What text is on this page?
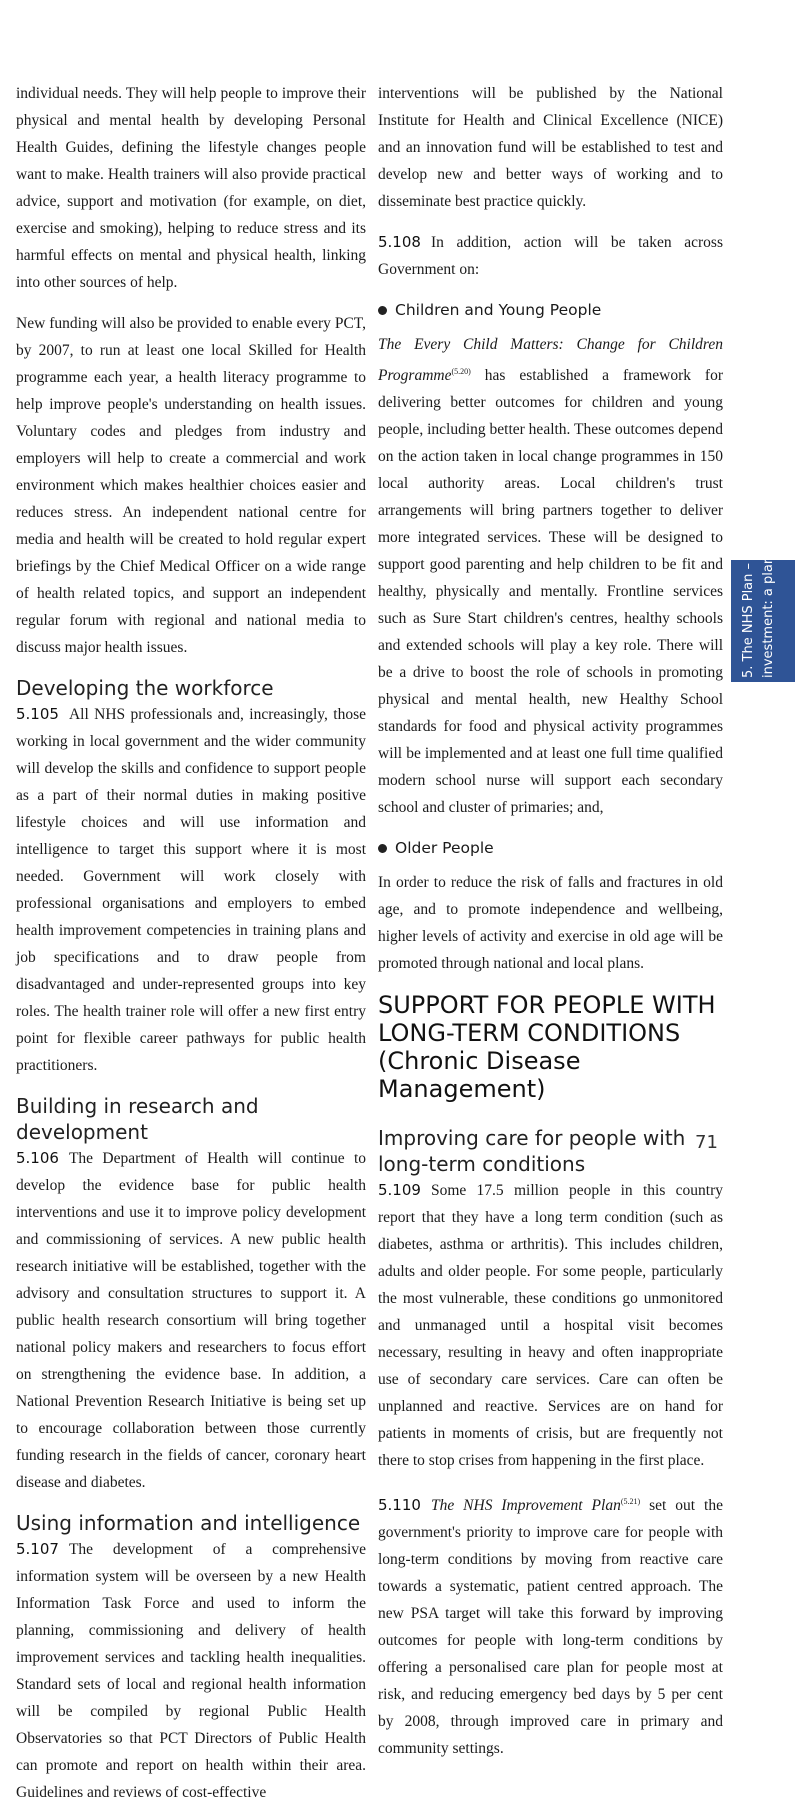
individual needs. They will help people to improve their physical and mental health by developing Personal Health Guides, defining the lifestyle changes people want to make. Health trainers will also provide practical advice, support and motivation (for example, on diet, exercise and smoking), helping to reduce stress and its harmful effects on mental and physical health, linking into other sources of help.

New funding will also be provided to enable every PCT, by 2007, to run at least one local Skilled for Health programme each year, a health literacy programme to help improve people's understanding on health issues. Voluntary codes and pledges from industry and employers will help to create a commercial and work environment which makes healthier choices easier and reduces stress. An independent national centre for media and health will be created to hold regular expert briefings by the Chief Medical Officer on a wide range of health related topics, and support an independent regular forum with regional and national media to discuss major health issues.

Developing the workforce

5.105 All NHS professionals and, increasingly, those working in local government and the wider community will develop the skills and confidence to support people as a part of their normal duties in making positive lifestyle choices and will use information and intelligence to target this support where it is most needed. Government will work closely with professional organisations and employers to embed health improvement competencies in training plans and job specifications and to draw people from disadvantaged and under-represented groups into key roles. The health trainer role will offer a new first entry point for flexible career pathways for public health practitioners.

Building in research and development

5.106 The Department of Health will continue to develop the evidence base for public health interventions and use it to improve policy development and commissioning of services. A new public health research initiative will be established, together with the advisory and consultation structures to support it. A public health research consortium will bring together national policy makers and researchers to focus effort on strengthening the evidence base. In addition, a National Prevention Research Initiative is being set up to encourage collaboration between those currently funding research in the fields of cancer, coronary heart disease and diabetes.

Using information and intelligence

5.107 The development of a comprehensive information system will be overseen by a new Health Information Task Force and used to inform the planning, commissioning and delivery of health improvement services and tackling health inequalities. Standard sets of local and regional health information will be compiled by regional Public Health Observatories so that PCT Directors of Public Health can promote and report on health within their area. Guidelines and reviews of cost-effective

interventions will be published by the National Institute for Health and Clinical Excellence (NICE) and an innovation fund will be established to test and develop new and better ways of working and to disseminate best practice quickly.

5.108 In addition, action will be taken across Government on:

Children and Young People

The Every Child Matters: Change for Children Programme$^{(5.20)}$ has established a framework for delivering better outcomes for children and young people, including better health. These outcomes depend on the action taken in local change programmes in 150 local authority areas. Local children's trust arrangements will bring partners together to deliver more integrated services. These will be designed to support good parenting and help children to be fit and healthy, physically and mentally. Frontline services such as Sure Start children's centres, healthy schools and extended schools will play a key role. There will be a drive to boost the role of schools in promoting physical and mental health, new Healthy School standards for food and physical activity programmes will be implemented and at least one full time qualified modern school nurse will support each secondary school and cluster of primaries; and,

Older People

In order to reduce the risk of falls and fractures in old age, and to promote independence and wellbeing, higher levels of activity and exercise in old age will be promoted through national and local plans.

SUPPORT FOR PEOPLE WITH LONG-TERM CONDITIONS (Chronic Disease Management)
Improving care for people with long-term conditions

5.109 Some 17.5 million people in this country report that they have a long term condition (such as diabetes, asthma or arthritis). This includes children, adults and older people. For some people, particularly the most vulnerable, these conditions go unmonitored and unmanaged until a hospital visit becomes necessary, resulting in heavy and often inappropriate use of secondary care services. Care can often be unplanned and reactive. Services are on hand for patients in moments of crisis, but are frequently not there to stop crises from happening in the first place.

5.110 The NHS Improvement Plan$^{(5.21)}$ set out the government's priority to improve care for people with long-term conditions by moving from reactive care towards a systematic, patient centred approach. The new PSA target will take this forward by improving outcomes for people with long-term conditions by offering a personalised care plan for people most at risk, and reducing emergency bed days by 5 per cent by 2008, through improved care in primary and community settings.

5. The NHS Plan – a plan for investment: a plan for reform
71
